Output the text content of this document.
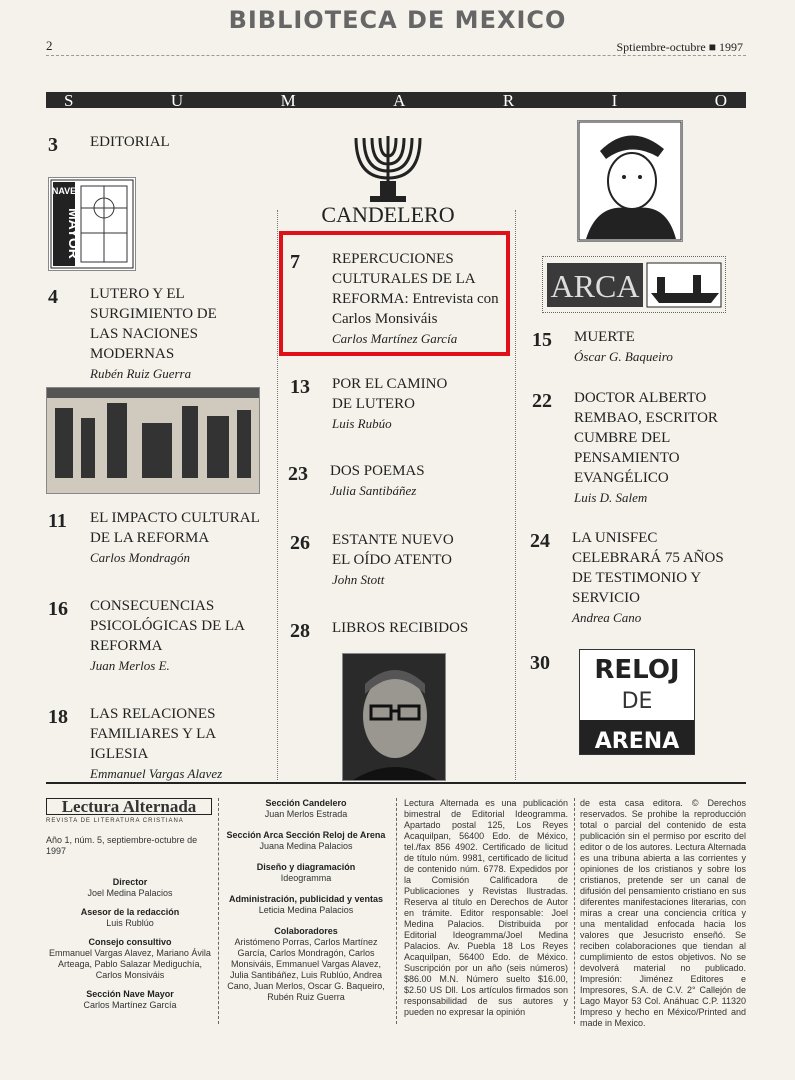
BIBLIOTECA DE MEXICO
2	Sptiembre-octubre ■ 1997
S	U	M	A	R	I	O
3 EDITORIAL
NAVE
MAYOR
4 LUTERO Y EL SURGIMIENTO DE LAS NACIONES MODERNAS
Rubén Ruiz Guerra
11 EL IMPACTO CULTURAL DE LA REFORMA
Carlos Mondragón
16 CONSECUENCIAS PSICOLÓGICAS DE LA REFORMA
Juan Merlos E.
18 LAS RELACIONES FAMILIARES Y LA IGLESIA
Emmanuel Vargas Alavez
CANDELERO
7 REPERCUCIONES CULTURALES DE LA REFORMA: Entrevista con Carlos Monsiváis
Carlos Martínez García
13 POR EL CAMINO DE LUTERO
Luis Rubúo
23 DOS POEMAS
Julia Santibáñez
26 ESTANTE NUEVO EL OÍDO ATENTO
John Stott
28 LIBROS RECIBIDOS
ARCA
15 MUERTE
Óscar G. Baqueiro
22 DOCTOR ALBERTO REMBAO, ESCRITOR CUMBRE DEL PENSAMIENTO EVANGÉLICO
Luis D. Salem
24 LA UNISFEC CELEBRARÁ 75 AÑOS DE TESTIMONIO Y SERVICIO
Andrea Cano
30 RELOJ
DE
ARENA
Lectura Alternada
REVISTA DE LITERATURA CRISTIANA
Año 1, núm. 5, septiembre-octubre de 1997
Director
Joel Medina Palacios
Asesor de la redacción
Luis Rublúo
Consejo consultivo
Emmanuel Vargas Alavez, Mariano Ávila Arteaga, Pablo Salazar Mediguchía, Carlos Monsiváis
Sección Nave Mayor
Carlos Martínez García
Sección Candelero
Juan Merlos Estrada
Sección Arca Sección Reloj de Arena
Juana Medina Palacios
Diseño y diagramación
Ideogramma
Administración, publicidad y ventas
Leticia Medina Palacios
Colaboradores
Aristómeno Porras, Carlos Martínez García, Carlos Mondragón, Carlos Monsiváis, Emmanuel Vargas Alavez, Julia Santibáñez, Luis Rublúo, Andrea Cano, Juan Merlos, Oscar G. Baqueiro, Rubén Ruiz Guerra
Lectura Alternada es una publicación bimestral de Editorial Ideogramma. Apartado postal 125, Los Reyes Acaquilpan, 56400 Edo. de México, tel./fax 856 4902. Certificado de licitud de título núm. 9981, certificado de licitud de contenido núm. 6778. Expedidos por la Comisión Calificadora de Publicaciones y Revistas Ilustradas. Reserva al título en Derechos de Autor en trámite. Editor responsable: Joel Medina Palacios. Distribuida por Editorial Ideogramma/Joel Medina Palacios. Av. Puebla 18 Los Reyes Acaquilpan, 56400 Edo. de México. Suscripción por un año (seis números) $86.00 M.N. Número suelto $16.00, $2.50 US Dll. Los artículos firmados son responsabilidad de sus autores y pueden no expresar la opinión
de esta casa editora. © Derechos reservados. Se prohibe la reproducción total o parcial del contenido de esta publicación sin el permiso por escrito del editor o de los autores. Lectura Alternada es una tribuna abierta a las corrientes y opiniones de los cristianos y sobre los cristianos, pretende ser un canal de difusión del pensamiento cristiano en sus diferentes manifestaciones literarias, con miras a crear una conciencia crítica y una mentalidad enfocada hacia los valores que Jesucristo enseñó. Se reciben colaboraciones que tiendan al cumplimiento de estos objetivos. No se devolverá material no publicado. Impresión: Jiménez Editores e Impresores, S.A. de C.V. 2° Callejón de Lago Mayor 53 Col. Anáhuac C.P. 11320 Impreso y hecho en México/Printed and made in Mexico.
